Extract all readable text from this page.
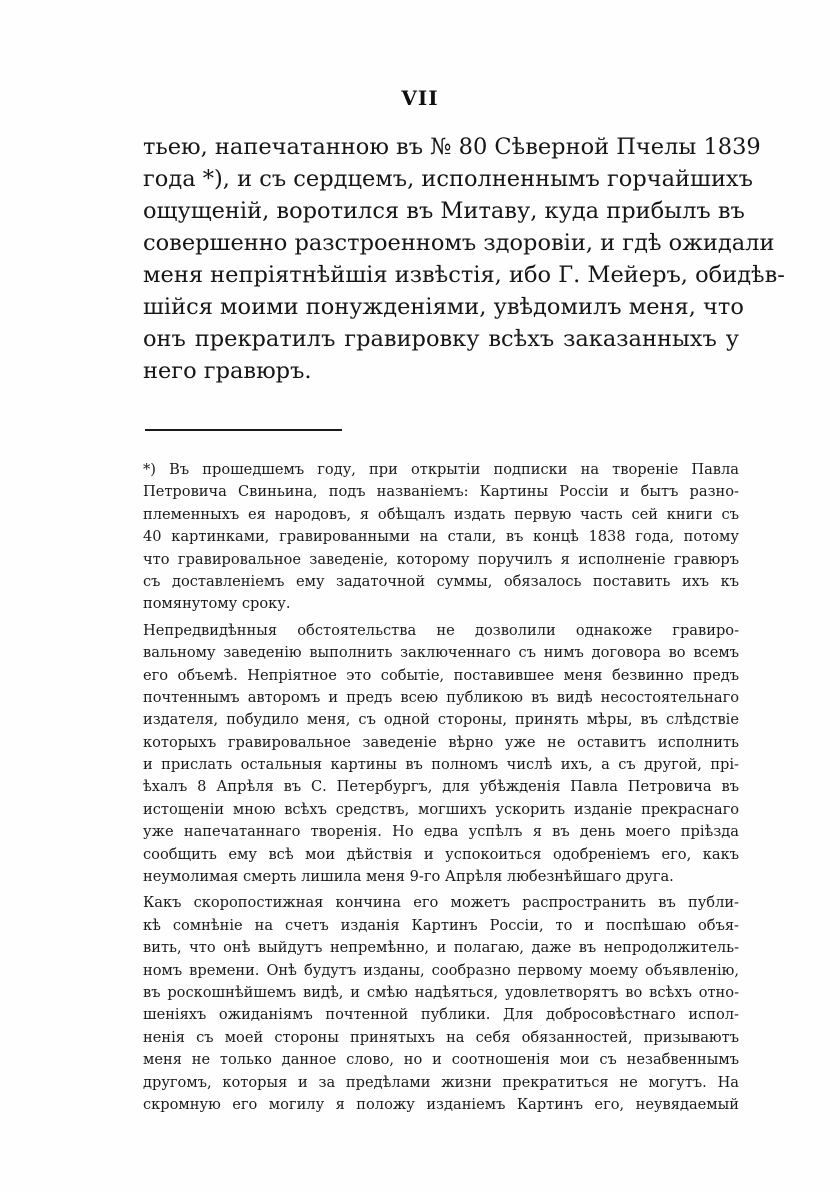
VII
тьею, напечатанною въ № 80 Сѣверной Пчелы 1839
года *), и съ сердцемъ, исполненнымъ горчайшихъ
ощущеній, воротился въ Митаву, куда прибылъ въ
совершенно разстроенномъ здоровіи, и гдѣ ожидали
меня непріятнѣйшія извѣстія, ибо Г. Мейеръ, обидѣв-
шійся моими понужденіями, увѣдомилъ меня, что
онъ прекратилъ гравировку всѣхъ заказанныхъ у
него гравюръ.
*) Въ прошедшемъ году, при открытіи подписки на твореніе Павла
Петровича Свиньина, подъ названіемъ: Картины Россіи и бытъ разно-
племенныхъ ея народовъ, я обѣщалъ издать первую часть сей книги съ
40 картинками, гравированными на стали, въ концѣ 1838 года, потому
что гравировальное заведеніе, которому поручилъ я исполненіе гравюръ
съ доставленіемъ ему задаточной суммы, обязалось поставить ихъ къ
помянутому сроку.
Непредвидѣнныя обстоятельства не дозволили однакоже гравиро-
вальному заведенію выполнить заключеннаго съ нимъ договора во всемъ
его объемѣ. Непріятное это событіе, поставившее меня безвинно предъ
почтеннымъ авторомъ и предъ всею публикою въ видѣ несостоятельнаго
издателя, побудило меня, съ одной стороны, принять мѣры, въ слѣдствіе
которыхъ гравировальное заведеніе вѣрно уже не оставитъ исполнить
и прислать остальныя картины въ полномъ числѣ ихъ, а съ другой, прі-
ѣхалъ 8 Апрѣля въ С. Петербургъ, для убѣжденія Павла Петровича въ
истощеніи мною всѣхъ средствъ, могшихъ ускорить изданіе прекраснаго
уже напечатаннаго творенія. Но едва успѣлъ я въ день моего пріѣзда
сообщить ему всѣ мои дѣйствія и успокоиться одобреніемъ его, какъ
неумолимая смерть лишила меня 9-го Апрѣля любезнѣйшаго друга.
Какъ скоропостижная кончина его можетъ распространить въ публи-
кѣ сомнѣніе на счетъ изданія Картинъ Россіи, то и поспѣшаю объя-
вить, что онѣ выйдутъ непремѣнно, и полагаю, даже въ непродолжитель-
номъ времени. Онѣ будутъ изданы, сообразно первому моему объявленію,
въ роскошнѣйшемъ видѣ, и смѣю надѣяться, удовлетворятъ во всѣхъ отно-
шеніяхъ ожиданіямъ почтенной публики. Для добросовѣстнаго испол-
ненія съ моей стороны принятыхъ на себя обязанностей, призываютъ
меня не только данное слово, но и соотношенія мои съ незабвеннымъ
другомъ, которыя и за предѣлами жизни прекратиться не могутъ. На
скромную его могилу я положу изданіемъ Картинъ его, неувядаемый
